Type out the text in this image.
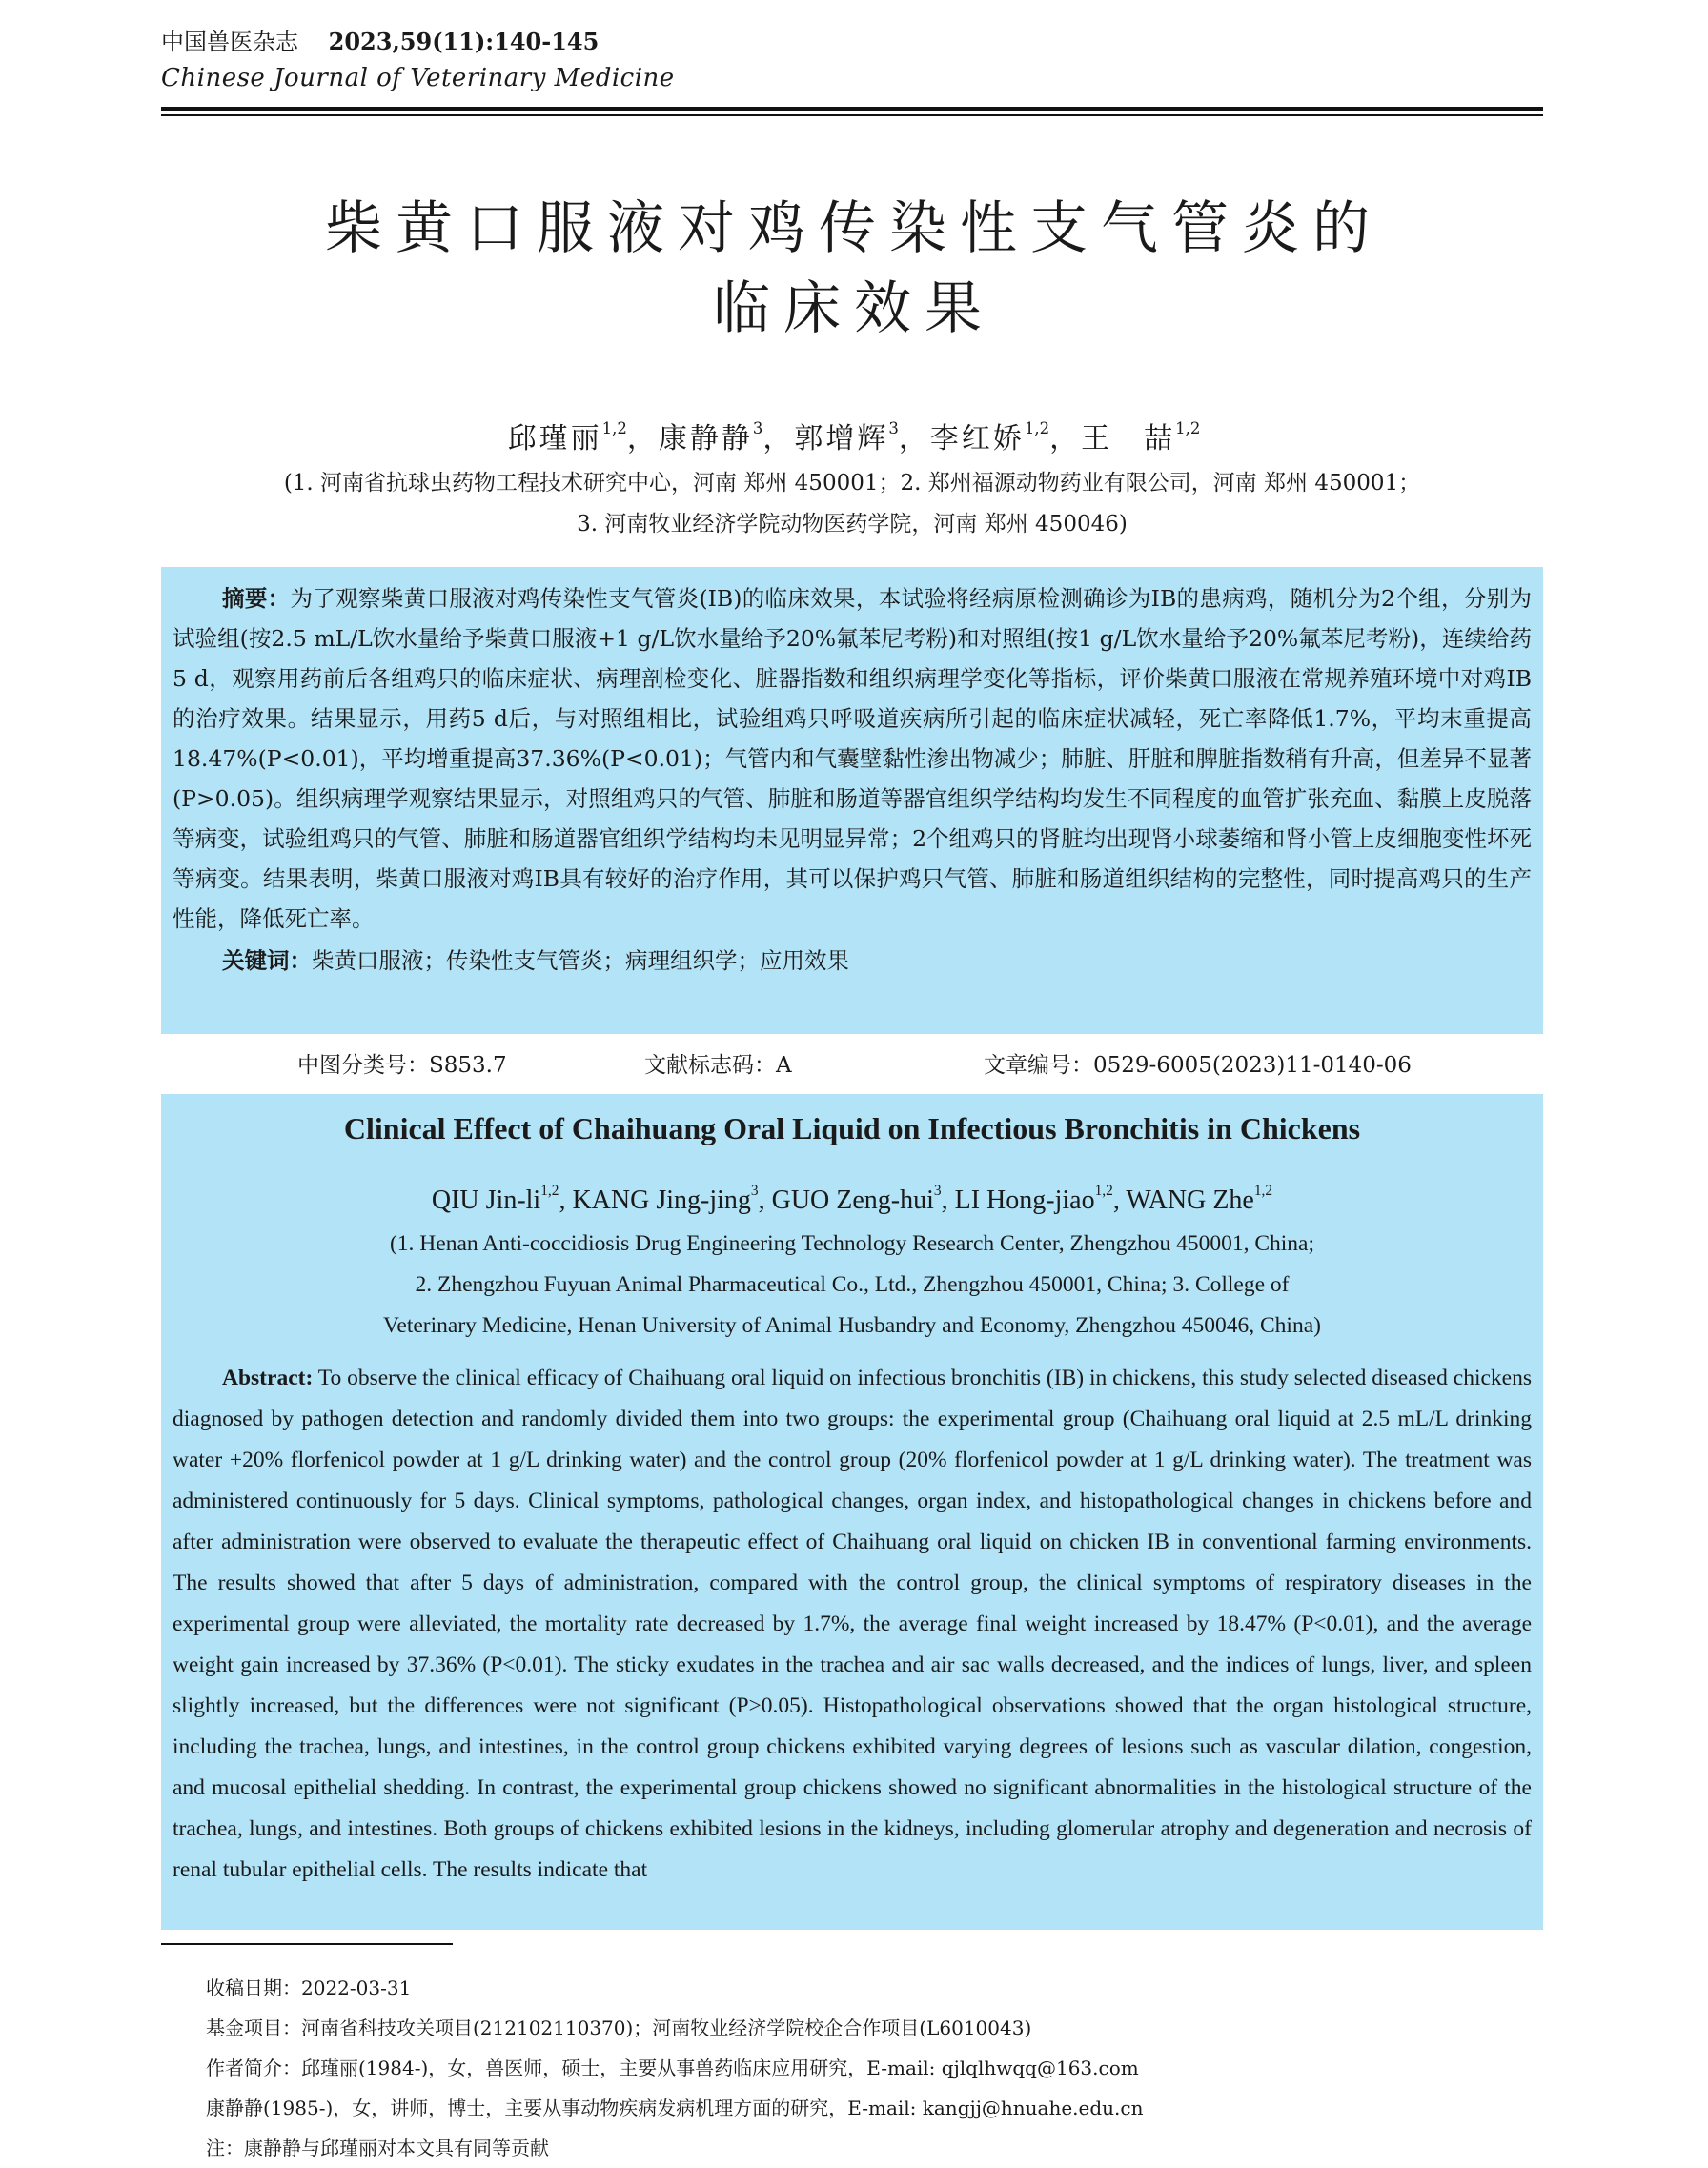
中国兽医杂志 2023,59(11):140-145
Chinese Journal of Veterinary Medicine
柴黄口服液对鸡传染性支气管炎的
临床效果
邱瑾丽$^{1,2}$，康静静$^3$，郭增辉$^3$，李红娇$^{1,2}$，王　喆$^{1,2}$
(1. 河南省抗球虫药物工程技术研究中心，河南 郑州 450001；2. 郑州福源动物药业有限公司，河南 郑州 450001；
3. 河南牧业经济学院动物医药学院，河南 郑州 450046)

摘要：为了观察柴黄口服液对鸡传染性支气管炎(IB)的临床效果，本试验将经病原检测确诊为IB的患病鸡，随机分为2个组，分别为试验组(按2.5 mL/L饮水量给予柴黄口服液+1 g/L饮水量给予20%氟苯尼考粉)和对照组(按1 g/L饮水量给予20%氟苯尼考粉)，连续给药5 d，观察用药前后各组鸡只的临床症状、病理剖检变化、脏器指数和组织病理学变化等指标，评价柴黄口服液在常规养殖环境中对鸡IB的治疗效果。结果显示，用药5 d后，与对照组相比，试验组鸡只呼吸道疾病所引起的临床症状减轻，死亡率降低1.7%，平均末重提高18.47%(P<0.01)，平均增重提高37.36%(P<0.01)；气管内和气囊壁黏性渗出物减少；肺脏、肝脏和脾脏指数稍有升高，但差异不显著(P>0.05)。组织病理学观察结果显示，对照组鸡只的气管、肺脏和肠道等器官组织学结构均发生不同程度的血管扩张充血、黏膜上皮脱落等病变，试验组鸡只的气管、肺脏和肠道器官组织学结构均未见明显异常；2个组鸡只的肾脏均出现肾小球萎缩和肾小管上皮细胞变性坏死等病变。结果表明，柴黄口服液对鸡IB具有较好的治疗作用，其可以保护鸡只气管、肺脏和肠道组织结构的完整性，同时提高鸡只的生产性能，降低死亡率。

关键词：柴黄口服液；传染性支气管炎；病理组织学；应用效果

中图分类号：S853.7	文献标志码：A	文章编号：0529-6005(2023)11-0140-06
Clinical Effect of Chaihuang Oral Liquid on Infectious Bronchitis in Chickens
QIU Jin-li$^{1,2}$, KANG Jing-jing$^3$, GUO Zeng-hui$^3$, LI Hong-jiao$^{1,2}$, WANG Zhe$^{1,2}$
(1. Henan Anti-coccidiosis Drug Engineering Technology Research Center, Zhengzhou 450001, China;
2. Zhengzhou Fuyuan Animal Pharmaceutical Co., Ltd., Zhengzhou 450001, China; 3. College of
Veterinary Medicine, Henan University of Animal Husbandry and Economy, Zhengzhou 450046, China)

Abstract: To observe the clinical efficacy of Chaihuang oral liquid on infectious bronchitis (IB) in chickens, this study selected diseased chickens diagnosed by pathogen detection and randomly divided them into two groups: the experimental group (Chaihuang oral liquid at 2.5 mL/L drinking water +20% florfenicol powder at 1 g/L drinking water) and the control group (20% florfenicol powder at 1 g/L drinking water). The treatment was administered continuously for 5 days. Clinical symptoms, pathological changes, organ index, and histopathological changes in chickens before and after administration were observed to evaluate the therapeutic effect of Chaihuang oral liquid on chicken IB in conventional farming environments. The results showed that after 5 days of administration, compared with the control group, the clinical symptoms of respiratory diseases in the experimental group were alleviated, the mortality rate decreased by 1.7%, the average final weight increased by 18.47% (P<0.01), and the average weight gain increased by 37.36% (P<0.01). The sticky exudates in the trachea and air sac walls decreased, and the indices of lungs, liver, and spleen slightly increased, but the differences were not significant (P>0.05). Histopathological observations showed that the organ histological structure, including the trachea, lungs, and intestines, in the control group chickens exhibited varying degrees of lesions such as vascular dilation, congestion, and mucosal epithelial shedding. In contrast, the experimental group chickens showed no significant abnormalities in the histological structure of the trachea, lungs, and intestines. Both groups of chickens exhibited lesions in the kidneys, including glomerular atrophy and degeneration and necrosis of renal tubular epithelial cells. The results indicate that

收稿日期：2022-03-31
基金项目：河南省科技攻关项目(212102110370)；河南牧业经济学院校企合作项目(L6010043)
作者简介：邱瑾丽(1984-)，女，兽医师，硕士，主要从事兽药临床应用研究，E-mail: qjlqlhwqq@163.com
康静静(1985-)，女，讲师，博士，主要从事动物疾病发病机理方面的研究，E-mail: kangjj@hnuahe.edu.cn
注：康静静与邱瑾丽对本文具有同等贡献
